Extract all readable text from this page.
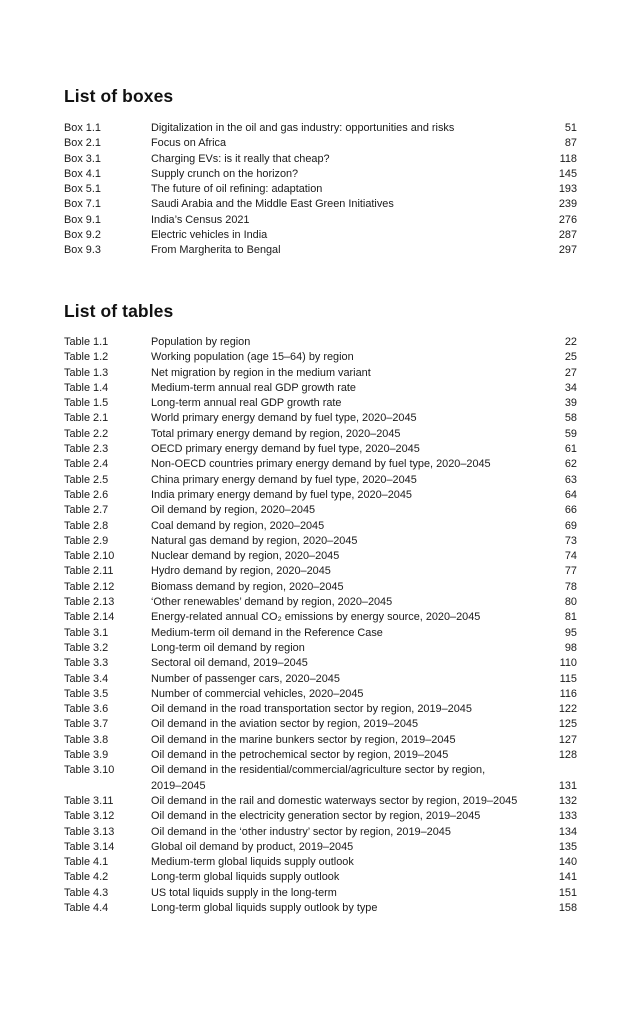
List of boxes
Box 1.1	Digitalization in the oil and gas industry: opportunities and risks	51
Box 2.1	Focus on Africa	87
Box 3.1	Charging EVs: is it really that cheap?	118
Box 4.1	Supply crunch on the horizon?	145
Box 5.1	The future of oil refining: adaptation	193
Box 7.1	Saudi Arabia and the Middle East Green Initiatives	239
Box 9.1	India’s Census 2021	276
Box 9.2	Electric vehicles in India	287
Box 9.3	From Margherita to Bengal	297
List of tables
Table 1.1	Population by region	22
Table 1.2	Working population (age 15–64) by region	25
Table 1.3	Net migration by region in the medium variant	27
Table 1.4	Medium-term annual real GDP growth rate	34
Table 1.5	Long-term annual real GDP growth rate	39
Table 2.1	World primary energy demand by fuel type, 2020–2045	58
Table 2.2	Total primary energy demand by region, 2020–2045	59
Table 2.3	OECD primary energy demand by fuel type, 2020–2045	61
Table 2.4	Non-OECD countries primary energy demand by fuel type, 2020–2045	62
Table 2.5	China primary energy demand by fuel type, 2020–2045	63
Table 2.6	India primary energy demand by fuel type, 2020–2045	64
Table 2.7	Oil demand by region, 2020–2045	66
Table 2.8	Coal demand by region, 2020–2045	69
Table 2.9	Natural gas demand by region, 2020–2045	73
Table 2.10	Nuclear demand by region, 2020–2045	74
Table 2.11	Hydro demand by region, 2020–2045	77
Table 2.12	Biomass demand by region, 2020–2045	78
Table 2.13	‘Other renewables’ demand by region, 2020–2045	80
Table 2.14	Energy-related annual CO₂ emissions by energy source, 2020–2045	81
Table 3.1	Medium-term oil demand in the Reference Case	95
Table 3.2	Long-term oil demand by region	98
Table 3.3	Sectoral oil demand, 2019–2045	110
Table 3.4	Number of passenger cars, 2020–2045	115
Table 3.5	Number of commercial vehicles, 2020–2045	116
Table 3.6	Oil demand in the road transportation sector by region, 2019–2045	122
Table 3.7	Oil demand in the aviation sector by region, 2019–2045	125
Table 3.8	Oil demand in the marine bunkers sector by region, 2019–2045	127
Table 3.9	Oil demand in the petrochemical sector by region, 2019–2045	128
Table 3.10	Oil demand in the residential/commercial/agriculture sector by region, 2019–2045	131
Table 3.11	Oil demand in the rail and domestic waterways sector by region, 2019–2045	132
Table 3.12	Oil demand in the electricity generation sector by region, 2019–2045	133
Table 3.13	Oil demand in the ‘other industry’ sector by region, 2019–2045	134
Table 3.14	Global oil demand by product, 2019–2045	135
Table 4.1	Medium-term global liquids supply outlook	140
Table 4.2	Long-term global liquids supply outlook	141
Table 4.3	US total liquids supply in the long-term	151
Table 4.4	Long-term global liquids supply outlook by type	158
